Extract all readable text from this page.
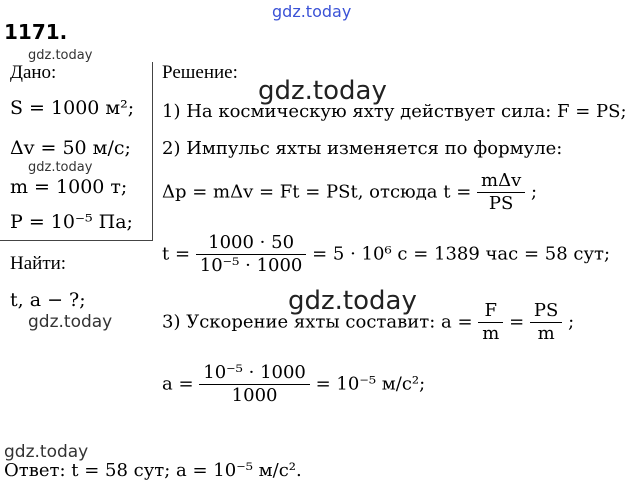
gdz.today
1171.
gdz.today
gdz.today
gdz.today
gdz.today
gdz.today
gdz.today
Дано:
S = 1000 м²;
Δv = 50 м/с;
m = 1000 т;
P = 10⁻⁵ Па;
Найти:
t, a − ?;
Решение:
1) На космическую яхту действует сила: F = PS;
2) Импульс яхты изменяется по формуле:
Δp = mΔv = Ft = PSt, отсюда $t = \frac{\text{mΔv}}{PS}$ ;
$t = \frac{1000 \cdot 50}{\text{10⁻⁵ · 1000}} = 5 \cdot 10^6$ с = 1389 час = 58 сут;
3) Ускорение яхты составит: $a = \frac{F}{m} = \frac{PS}{m}$ ;
$a = \frac{\text{10⁻⁵ · 1000}}{1000} = 10^{-5}$ м/с²;
Ответ: t = 58 сут; a = 10⁻⁵ м/с².
